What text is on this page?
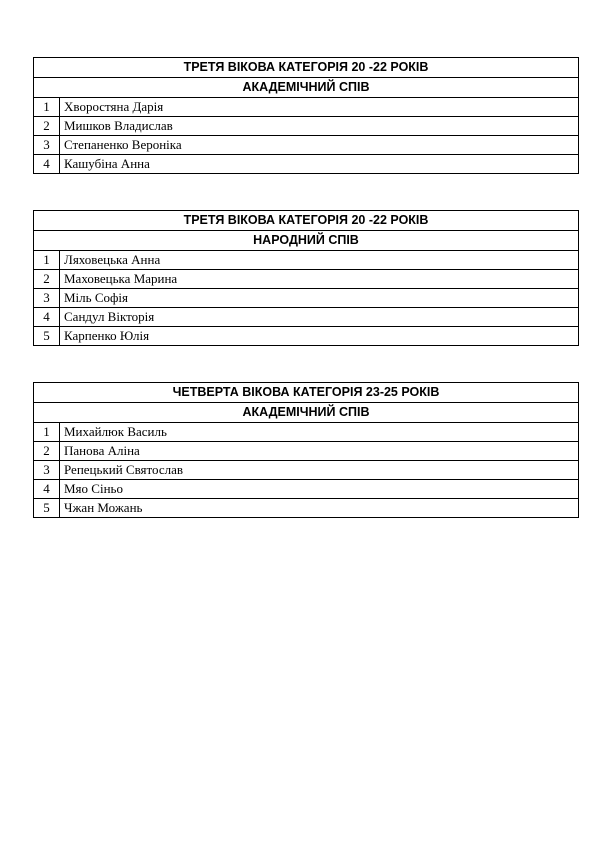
ТРЕТЯ ВІКОВА КАТЕГОРІЯ 20 -22 РОКІВ	
АКАДЕМІЧНИЙ СПІВ	
1	Хворостяна Дарія
2	Мишков Владислав
3	Степаненко Вероніка
4	Кашубіна Анна
ТРЕТЯ ВІКОВА КАТЕГОРІЯ 20 -22 РОКІВ	
НАРОДНИЙ СПІВ	
1	Ляховецька Анна
2	Маховецька Марина
3	Міль Софія
4	Сандул Вікторія
5	Карпенко Юлія
ЧЕТВЕРТА ВІКОВА КАТЕГОРІЯ 23-25 РОКІВ	
АКАДЕМІЧНИЙ СПІВ	
1	Михайлюк Василь
2	Панова Аліна
3	Репецький Святослав
4	Мяо Сіньо
5	Чжан Можань
